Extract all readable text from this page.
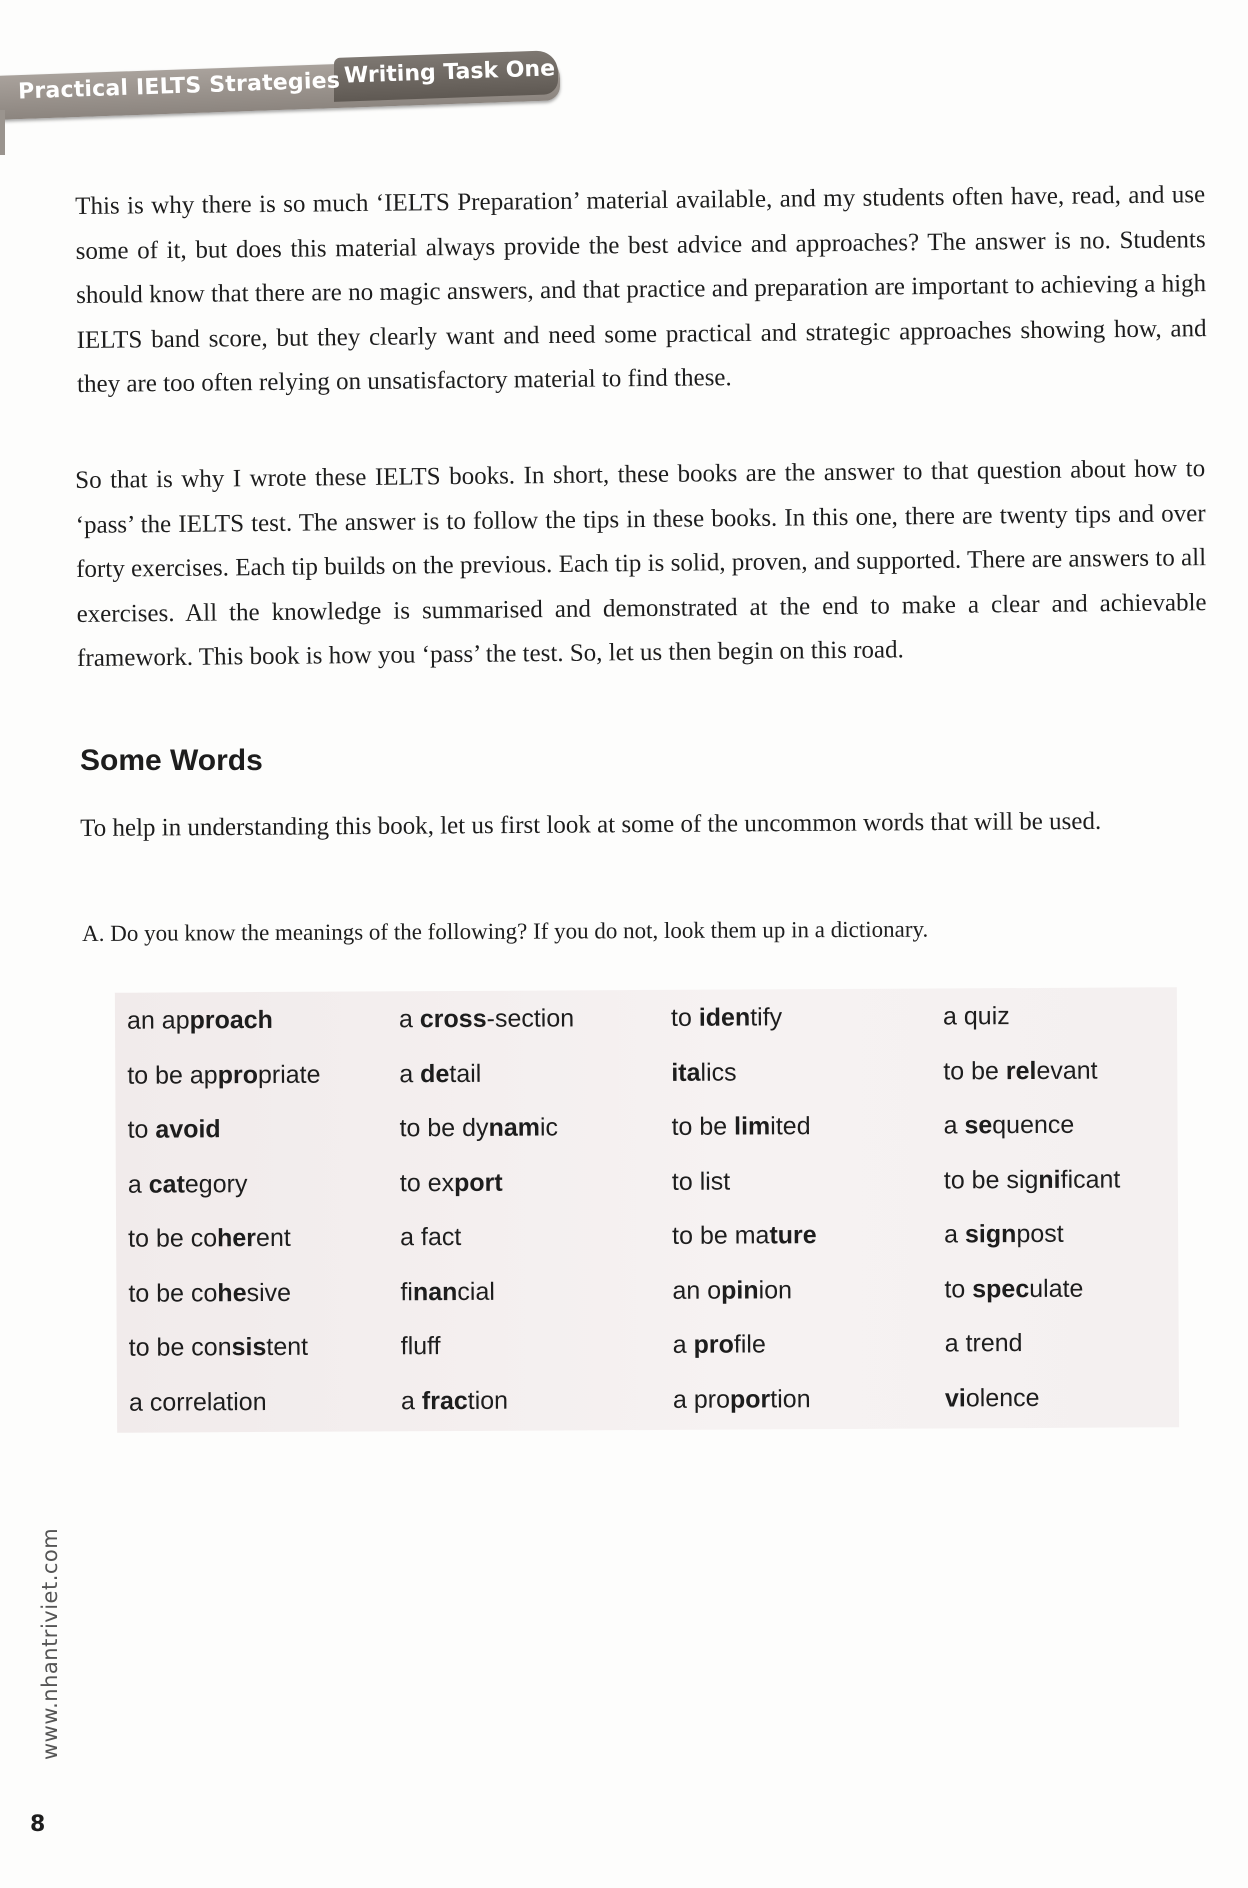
Practical IELTS Strategies Writing Task One

This is why there is so much ‘IELTS Preparation’ material available, and my students often have, read, and use some of it, but does this material always provide the best advice and approaches? The answer is no. Students should know that there are no magic answers, and that practice and preparation are important to achieving a high IELTS band score, but they clearly want and need some practical and strategic approaches showing how, and they are too often relying on unsatisfactory material to find these.

So that is why I wrote these IELTS books. In short, these books are the answer to that question about how to ‘pass’ the IELTS test. The answer is to follow the tips in these books. In this one, there are twenty tips and over forty exercises. Each tip builds on the previous. Each tip is solid, proven, and supported. There are answers to all exercises. All the knowledge is summarised and demonstrated at the end to make a clear and achievable framework. This book is how you ‘pass’ the test. So, let us then begin on this road.

Some Words
To help in understanding this book, let us first look at some of the uncommon words that will be used.
A. Do you know the meanings of the following? If you do not, look them up in a dictionary.
an approach	a cross-section	to identify	a quiz
to be appropriate	a detail	italics	to be relevant
to avoid	to be dynamic	to be limited	a sequence
a category	to export	to list	to be significant
to be coherent	a fact	to be mature	a signpost
to be cohesive	financial	an opinion	to speculate
to be consistent	fluff	a profile	a trend
a correlation	a fraction	a proportion	violence
www.nhantriviet.com
8
